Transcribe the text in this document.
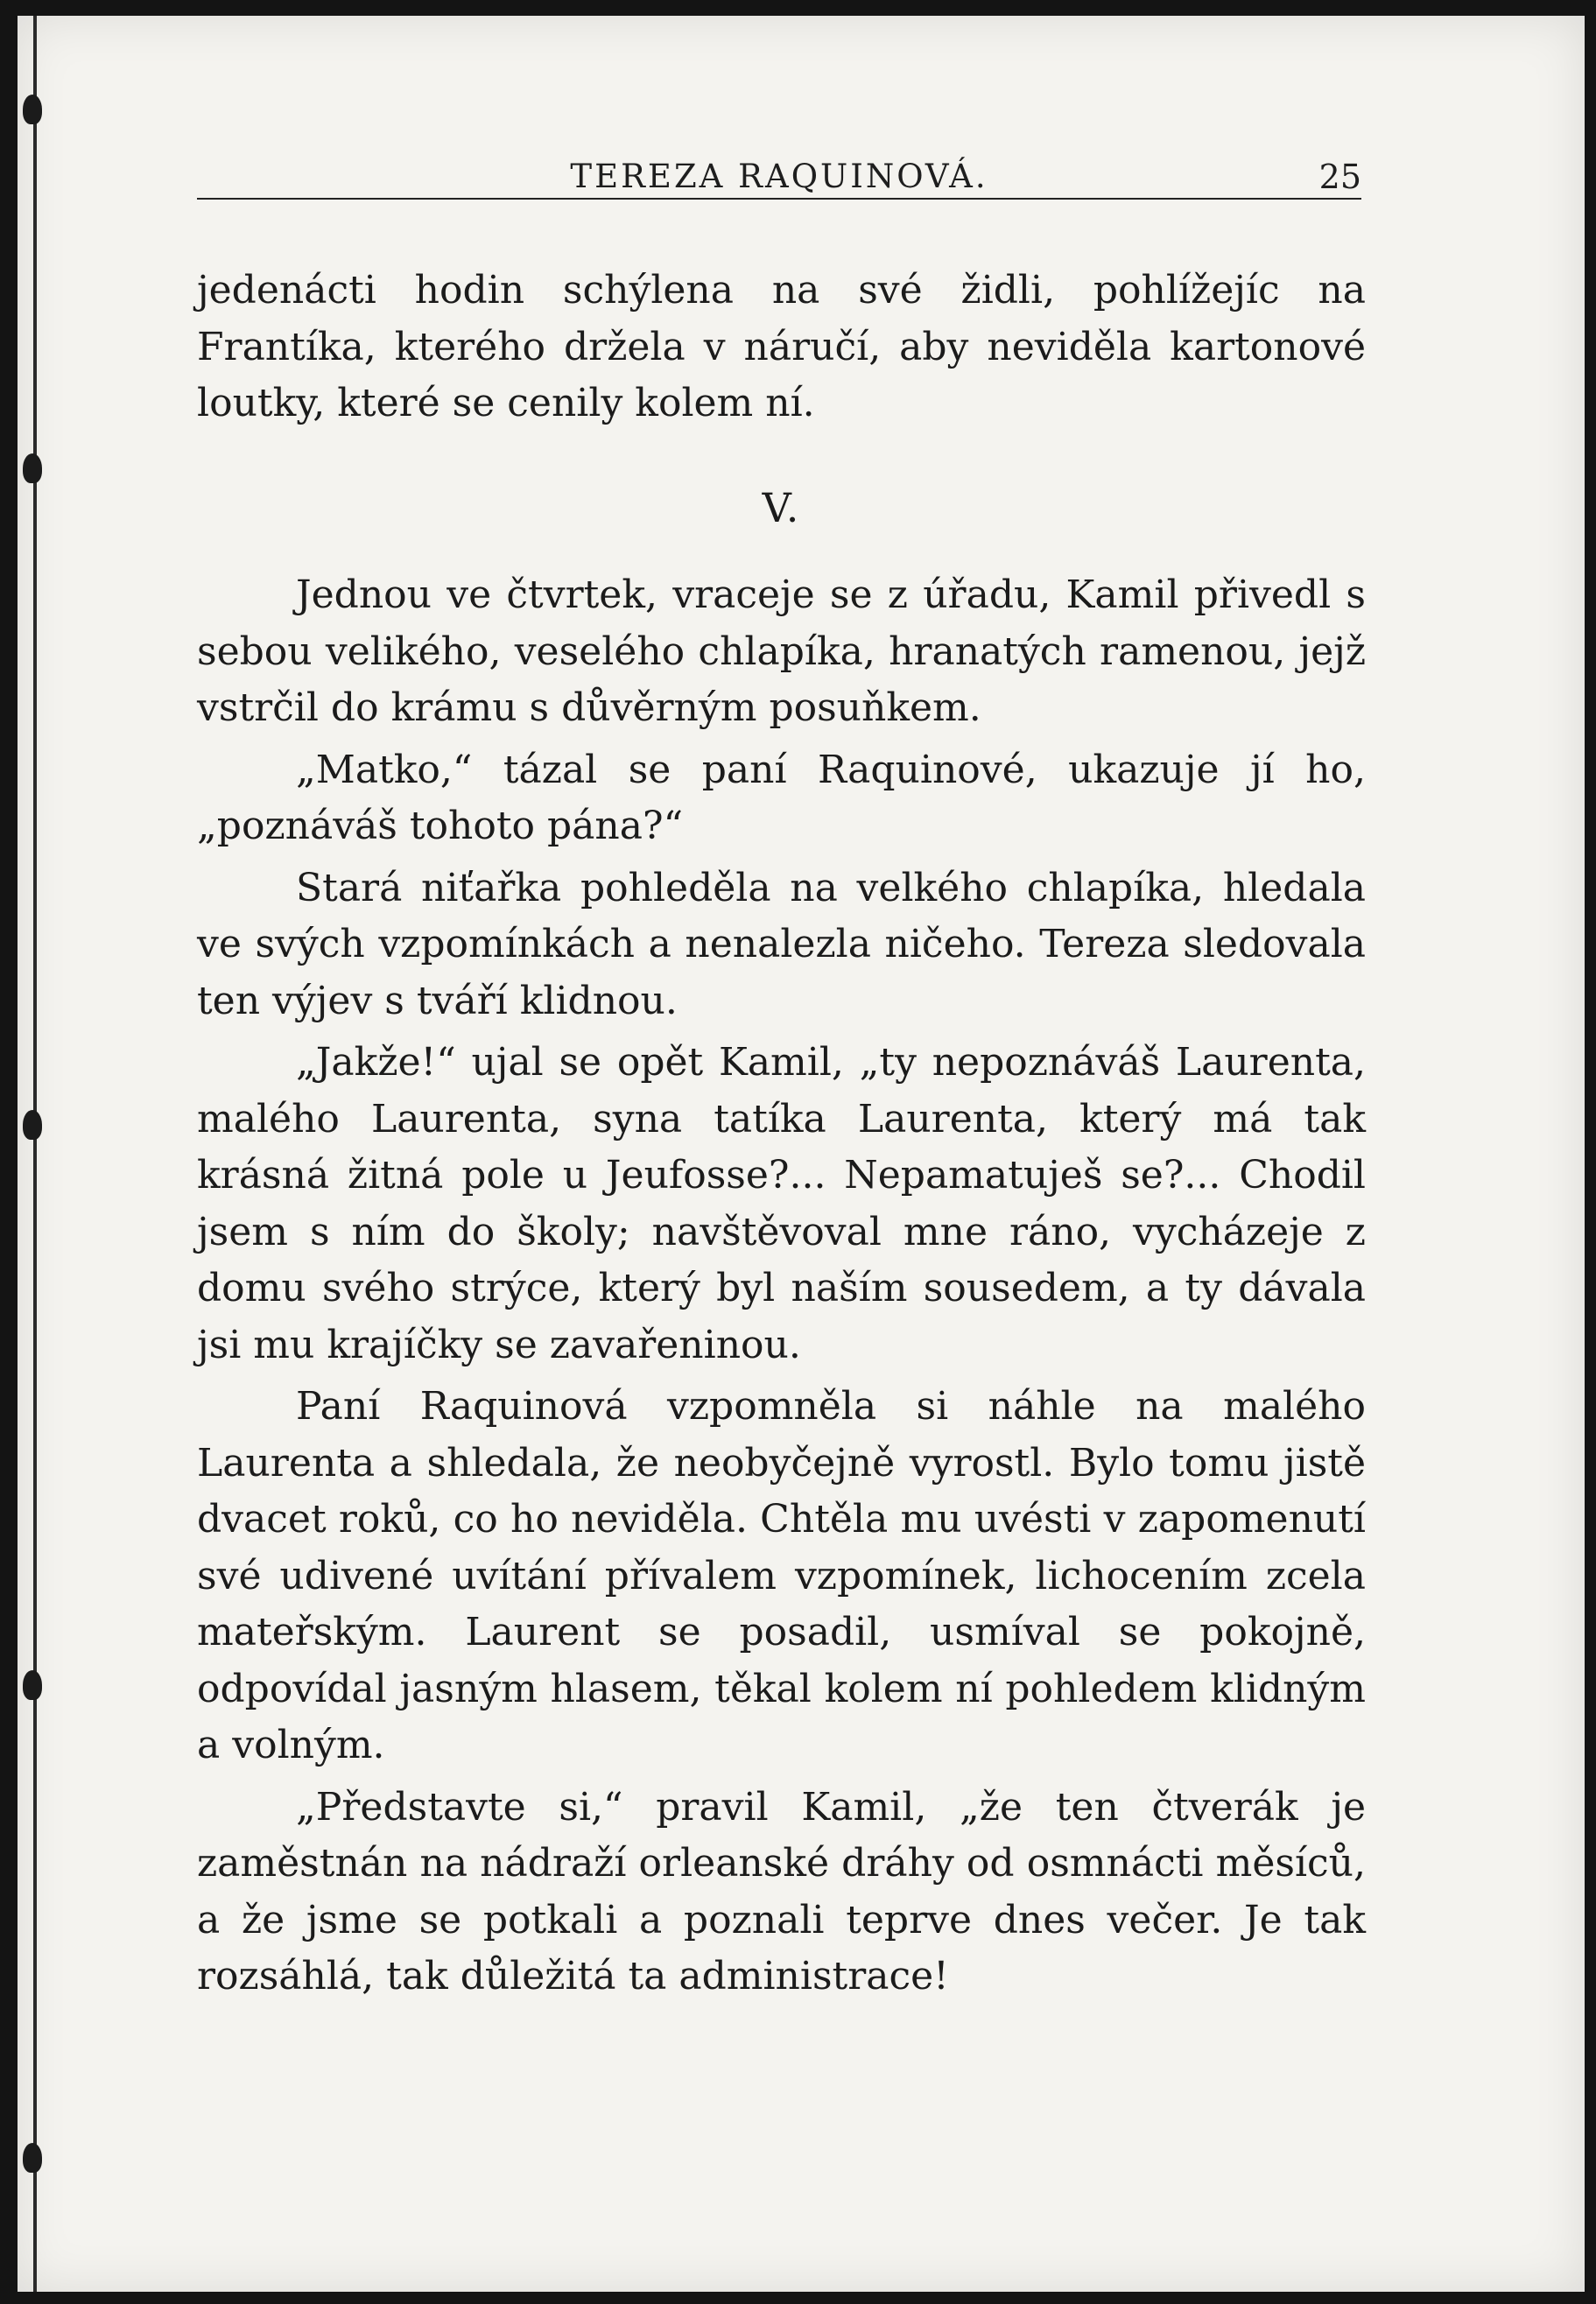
TEREZA RAQUINOVÁ.	25

jedenácti hodin schýlena na své židli, pohlížejíc na Frantíka, kterého držela v náručí, aby neviděla kartonové loutky, které se cenily kolem ní.

V.

Jednou ve čtvrtek, vraceje se z úřadu, Kamil přivedl s sebou velikého, veselého chlapíka, hranatých ramenou, jejž vstrčil do krámu s důvěrným posuňkem.

„Matko,“ tázal se paní Raquinové, ukazuje jí ho, „poznáváš tohoto pána?“

Stará niťařka pohleděla na velkého chlapíka, hledala ve svých vzpomínkách a nenalezla ničeho. Tereza sledovala ten výjev s tváří klidnou.

„Jakže!“ ujal se opět Kamil, „ty nepoznáváš Laurenta, malého Laurenta, syna tatíka Laurenta, který má tak krásná žitná pole u Jeufosse?... Nepamatuješ se?... Chodil jsem s ním do školy; navštěvoval mne ráno, vycházeje z domu svého strýce, který byl naším sousedem, a ty dávala jsi mu krajíčky se zavařeninou.

Paní Raquinová vzpomněla si náhle na malého Laurenta a shledala, že neobyčejně vyrostl. Bylo tomu jistě dvacet roků, co ho neviděla. Chtěla mu uvésti v zapomenutí své udivené uvítání přívalem vzpomínek, lichocením zcela mateřským. Laurent se posadil, usmíval se pokojně, odpovídal jasným hlasem, těkal kolem ní pohledem klidným a volným.

„Představte si,“ pravil Kamil, „že ten čtverák je zaměstnán na nádraží orleanské dráhy od osmnácti měsíců, a že jsme se potkali a poznali teprve dnes večer. Je tak rozsáhlá, tak důležitá ta administrace!
